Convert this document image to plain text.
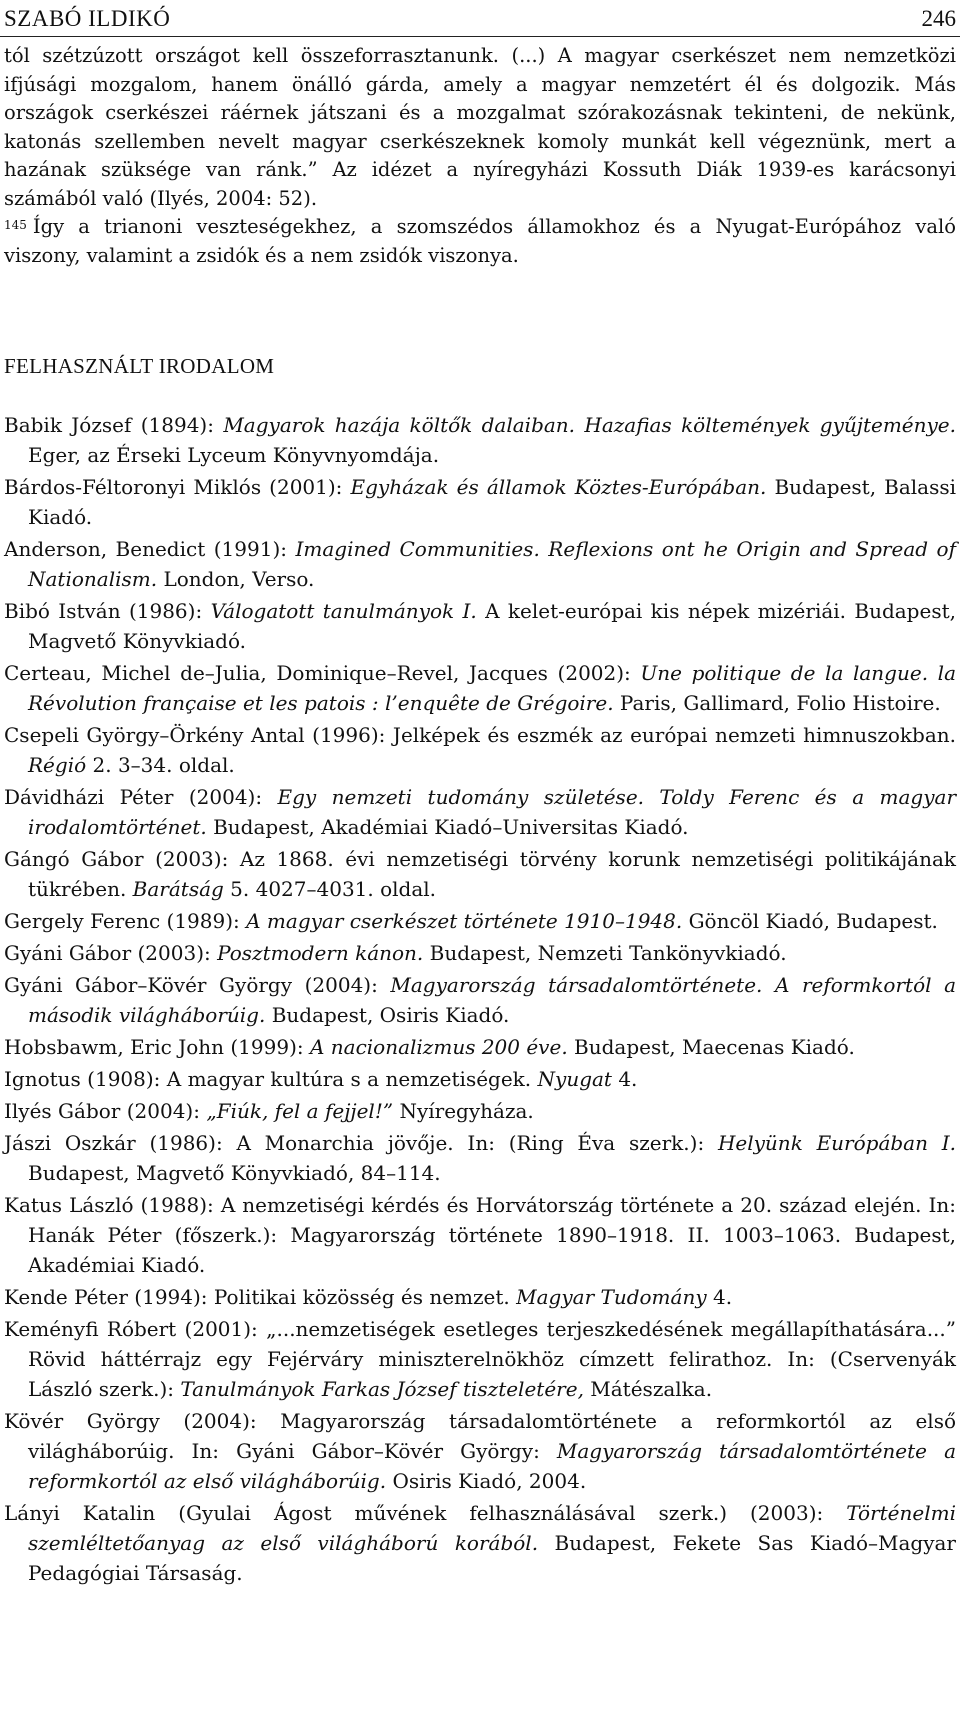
SZABÓ ILDIKÓ	246

tól szétzúzott országot kell összeforrasztanunk. (...) A magyar cserkészet nem nemzetközi ifjúsági mozgalom, hanem önálló gárda, amely a magyar nemzetért él és dolgozik. Más országok cserkészei ráérnek játszani és a mozgalmat szórakozásnak tekinteni, de nekünk, katonás szellemben nevelt magyar cserkészeknek komoly munkát kell végeznünk, mert a hazának szüksége van ránk.” Az idézet a nyíregyházi Kossuth Diák 1939-es karácsonyi számából való (Ilyés, 2004: 52).

$^{145}$ Így a trianoni veszteségekhez, a szomszédos államokhoz és a Nyugat-Európához való viszony, valamint a zsidók és a nem zsidók viszonya.

FELHASZNÁLT IRODALOM

Babik József (1894): Magyarok hazája költők dalaiban. Hazafias költemények gyűjteménye. Eger, az Érseki Lyceum Könyvnyomdája.

Bárdos-Féltoronyi Miklós (2001): Egyházak és államok Köztes-Európában. Budapest, Balassi Kiadó.

Anderson, Benedict (1991): Imagined Communities. Reflexions ont he Origin and Spread of Nationalism. London, Verso.

Bibó István (1986): Válogatott tanulmányok I. A kelet-európai kis népek mizériái. Budapest, Magvető Könyvkiadó.

Certeau, Michel de–Julia, Dominique–Revel, Jacques (2002): Une politique de la langue. la Révolution française et les patois : l’enquête de Grégoire. Paris, Gallimard, Folio Histoire.

Csepeli György–Örkény Antal (1996): Jelképek és eszmék az európai nemzeti himnuszokban. Régió 2. 3–34. oldal.

Dávidházi Péter (2004): Egy nemzeti tudomány születése. Toldy Ferenc és a magyar irodalomtörténet. Budapest, Akadémiai Kiadó–Universitas Kiadó.

Gángó Gábor (2003): Az 1868. évi nemzetiségi törvény korunk nemzetiségi politikájának tükrében. Barátság 5. 4027–4031. oldal.

Gergely Ferenc (1989): A magyar cserkészet története 1910–1948. Göncöl Kiadó, Budapest.

Gyáni Gábor (2003): Posztmodern kánon. Budapest, Nemzeti Tankönyvkiadó.

Gyáni Gábor–Kövér György (2004): Magyarország társadalomtörténete. A reformkortól a második világháborúig. Budapest, Osiris Kiadó.

Hobsbawm, Eric John (1999): A nacionalizmus 200 éve. Budapest, Maecenas Kiadó.

Ignotus (1908): A magyar kultúra s a nemzetiségek. Nyugat 4.

Ilyés Gábor (2004): „Fiúk, fel a fejjel!” Nyíregyháza.

Jászi Oszkár (1986): A Monarchia jövője. In: (Ring Éva szerk.): Helyünk Európában I. Budapest, Magvető Könyvkiadó, 84–114.

Katus László (1988): A nemzetiségi kérdés és Horvátország története a 20. század elején. In: Hanák Péter (főszerk.): Magyarország története 1890–1918. II. 1003–1063. Budapest, Akadémiai Kiadó.

Kende Péter (1994): Politikai közösség és nemzet. Magyar Tudomány 4.

Keményfi Róbert (2001): „...nemzetiségek esetleges terjeszkedésének megállapíthatására...” Rövid háttérrajz egy Fejérváry miniszterelnökhöz címzett felirathoz. In: (Cservenyák László szerk.): Tanulmányok Farkas József tiszteletére, Mátészalka.

Kövér György (2004): Magyarország társadalomtörténete a reformkortól az első világháborúig. In: Gyáni Gábor–Kövér György: Magyarország társadalomtörténete a reformkortól az első világháborúig. Osiris Kiadó, 2004.

Lányi Katalin (Gyulai Ágost művének felhasználásával szerk.) (2003): Történelmi szemléltetőanyag az első világháború korából. Budapest, Fekete Sas Kiadó–Magyar Pedagógiai Társaság.
